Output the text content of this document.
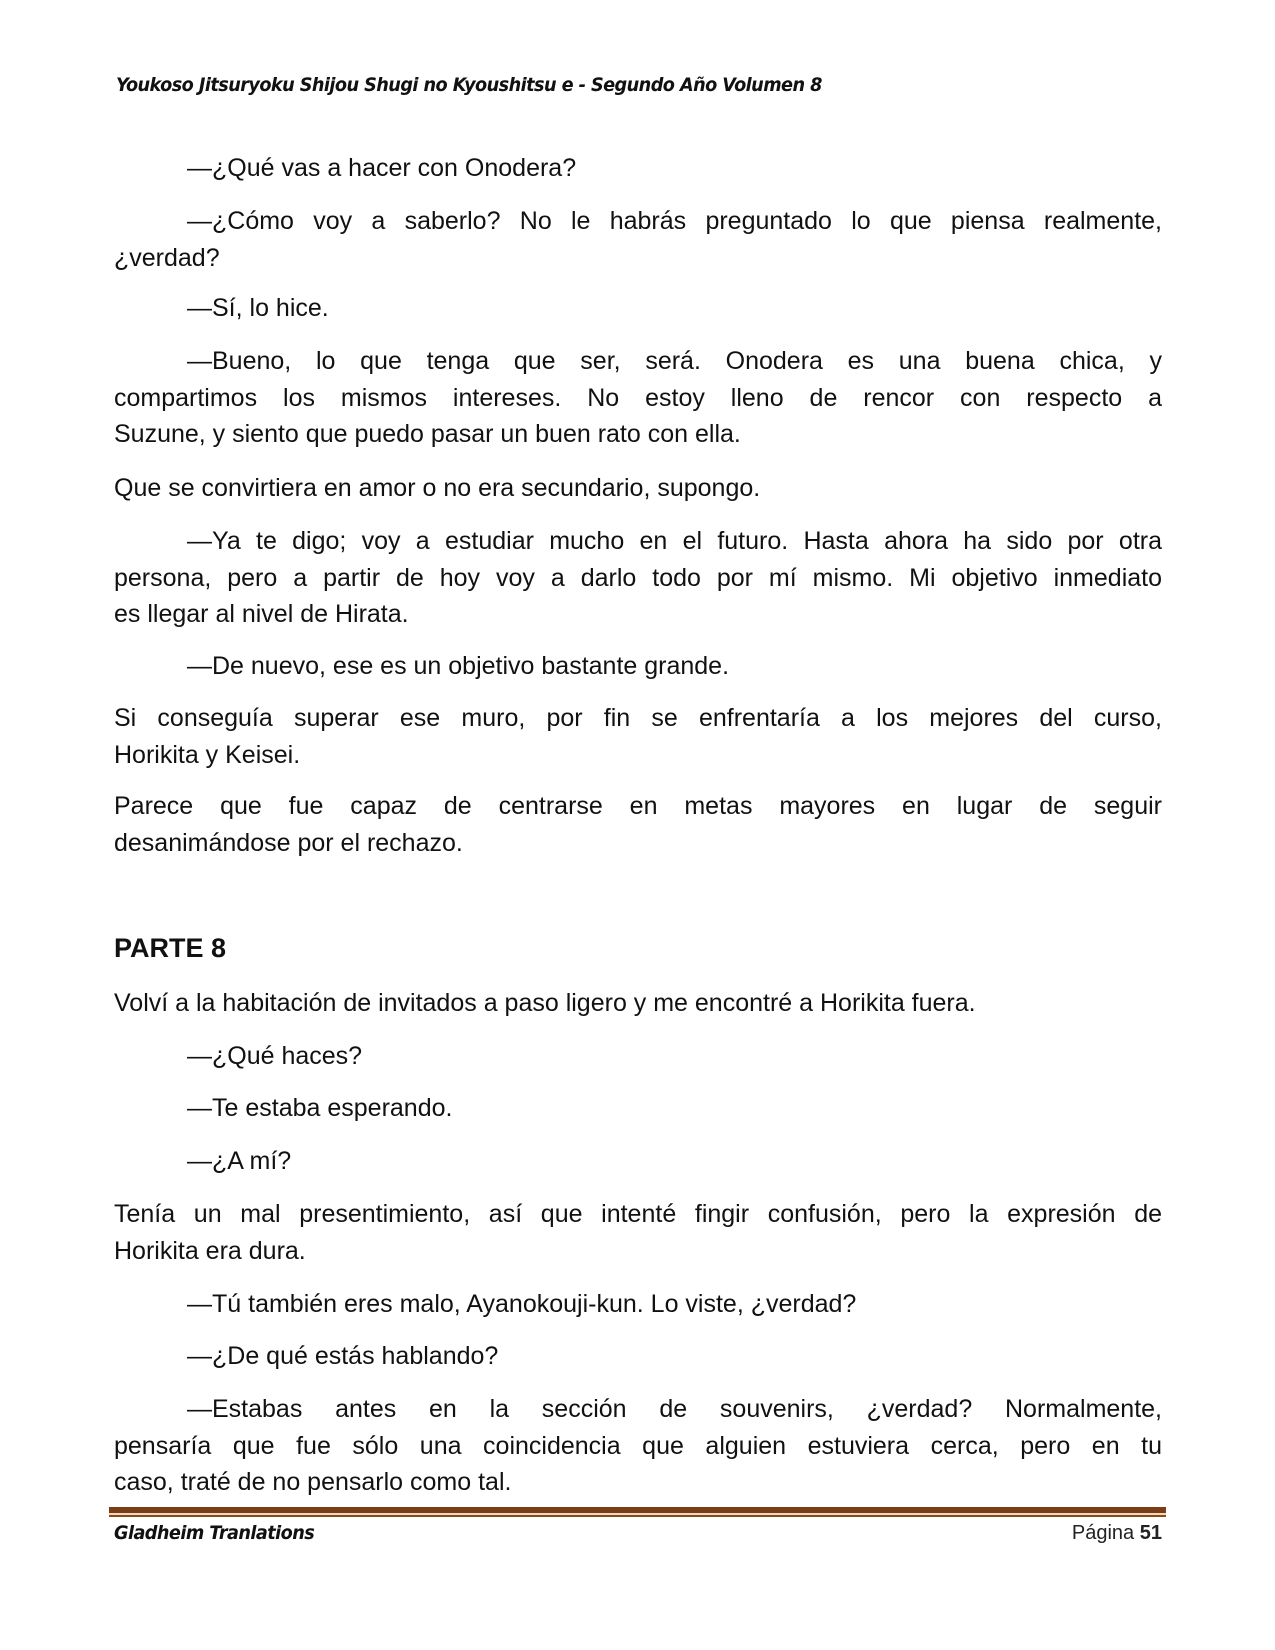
Youkoso Jitsuryoku Shijou Shugi no Kyoushitsu e - Segundo Año Volumen 8
—¿Qué vas a hacer con Onodera?
—¿Cómo voy a saberlo? No le habrás preguntado lo que piensa realmente,
¿verdad?
—Sí, lo hice.
—Bueno, lo que tenga que ser, será. Onodera es una buena chica, y
compartimos los mismos intereses. No estoy lleno de rencor con respecto a
Suzune, y siento que puedo pasar un buen rato con ella.
Que se convirtiera en amor o no era secundario, supongo.
—Ya te digo; voy a estudiar mucho en el futuro. Hasta ahora ha sido por otra
persona, pero a partir de hoy voy a darlo todo por mí mismo. Mi objetivo inmediato
es llegar al nivel de Hirata.
—De nuevo, ese es un objetivo bastante grande.
Si conseguía superar ese muro, por fin se enfrentaría a los mejores del curso,
Horikita y Keisei.
Parece que fue capaz de centrarse en metas mayores en lugar de seguir
desanimándose por el rechazo.
PARTE 8
Volví a la habitación de invitados a paso ligero y me encontré a Horikita fuera.
—¿Qué haces?
—Te estaba esperando.
—¿A mí?
Tenía un mal presentimiento, así que intenté fingir confusión, pero la expresión de
Horikita era dura.
—Tú también eres malo, Ayanokouji-kun. Lo viste, ¿verdad?
—¿De qué estás hablando?
—Estabas antes en la sección de souvenirs, ¿verdad? Normalmente,
pensaría que fue sólo una coincidencia que alguien estuviera cerca, pero en tu
caso, traté de no pensarlo como tal.
Gladheim Tranlations	Página 51
